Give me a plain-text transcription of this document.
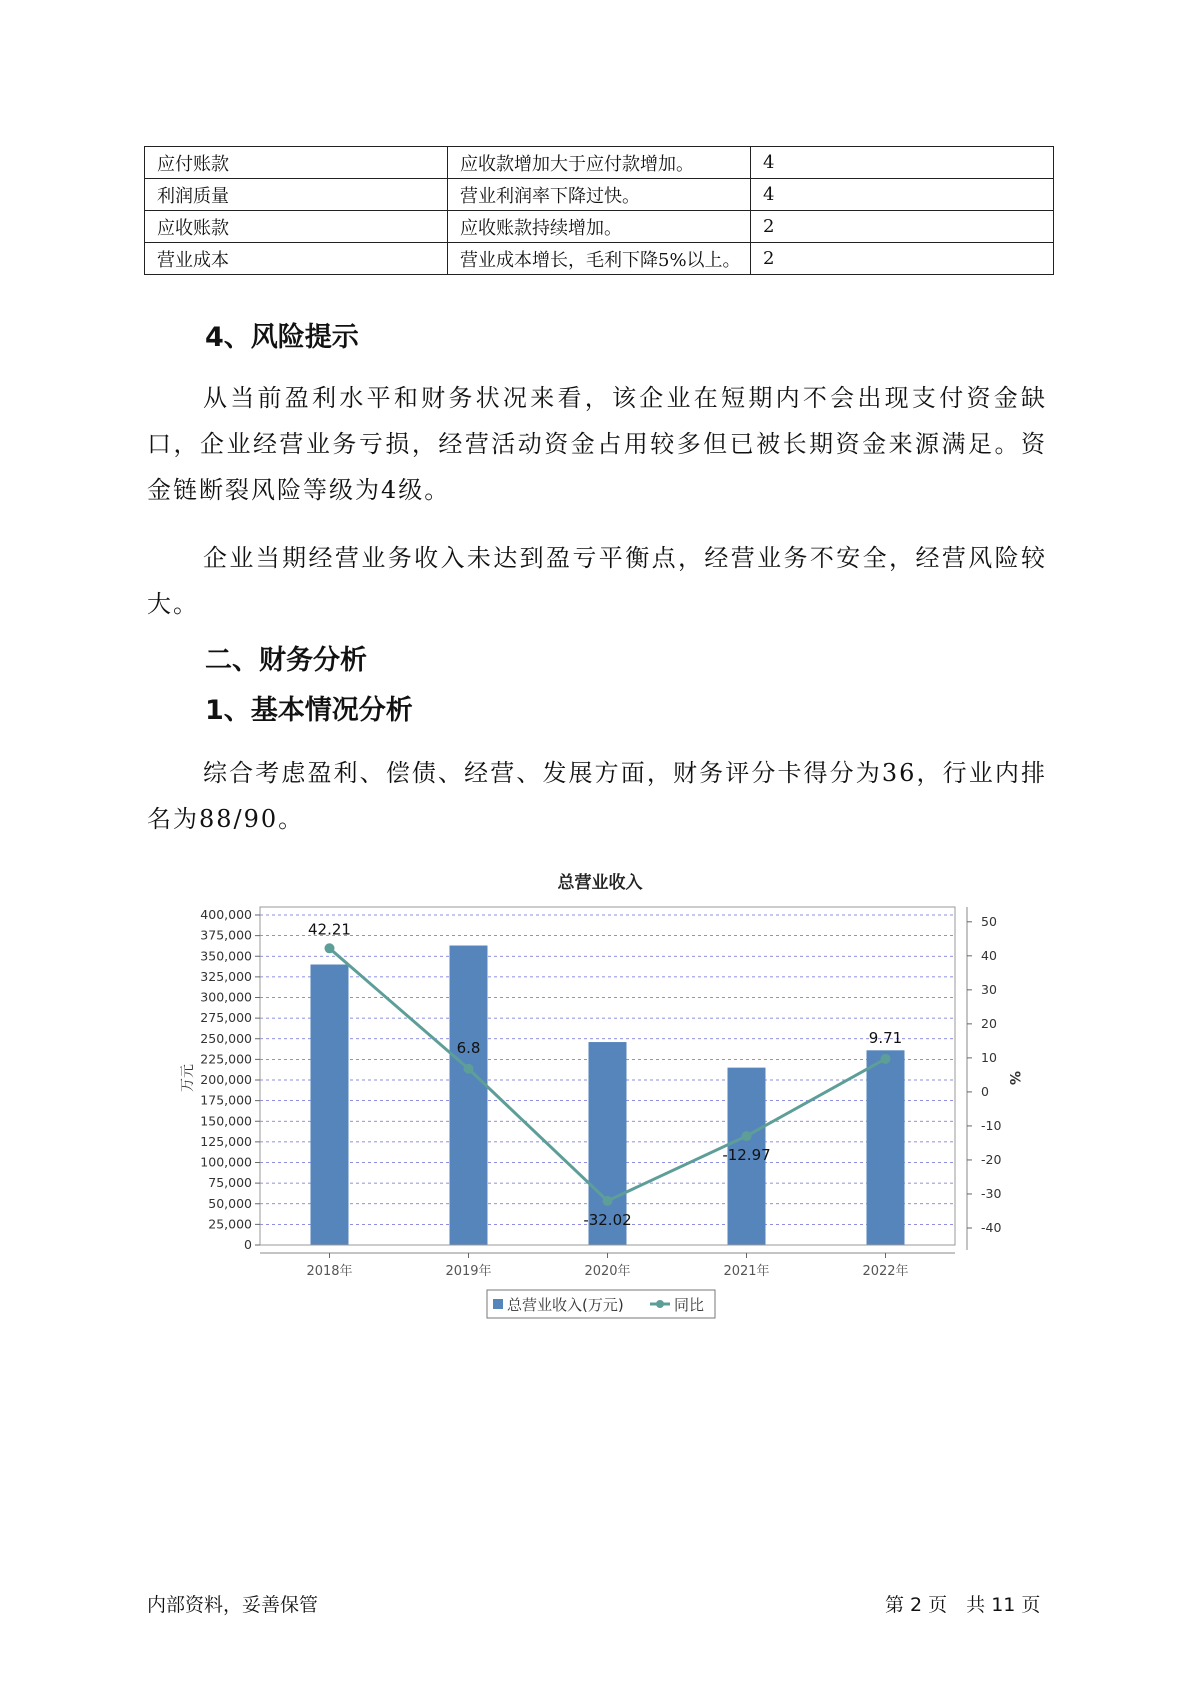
应付账款	应收款增加大于应付款增加。	4
利润质量	营业利润率下降过快。	4
应收账款	应收账款持续增加。	2
营业成本	营业成本增长，毛利下降5%以上。	2
4、风险提示

从当前盈利水平和财务状况来看，该企业在短期内不会出现支付资金缺口，企业经营业务亏损，经营活动资金占用较多但已被长期资金来源满足。资金链断裂风险等级为4级。

企业当期经营业务收入未达到盈亏平衡点，经营业务不安全，经营风险较大。

二、财务分析
1、基本情况分析

综合考虑盈利、偿债、经营、发展方面，财务评分卡得分为36，行业内排名为88/90。

总营业收入
42.21
6.8
-32.02
-12.97
9.71
400,000
375,000
350,000
325,000
300,000
275,000
250,000
225,000
200,000
175,000
150,000
125,000
100,000
75,000
50,000
25,000
0
50
40
30
20
10
0
-10
-20
-30
-40
2018年	2019年	2020年	2021年	2022年
万元	%
总营业收入(万元)	同比
内部资料，妥善保管	第 2 页　共 11 页
